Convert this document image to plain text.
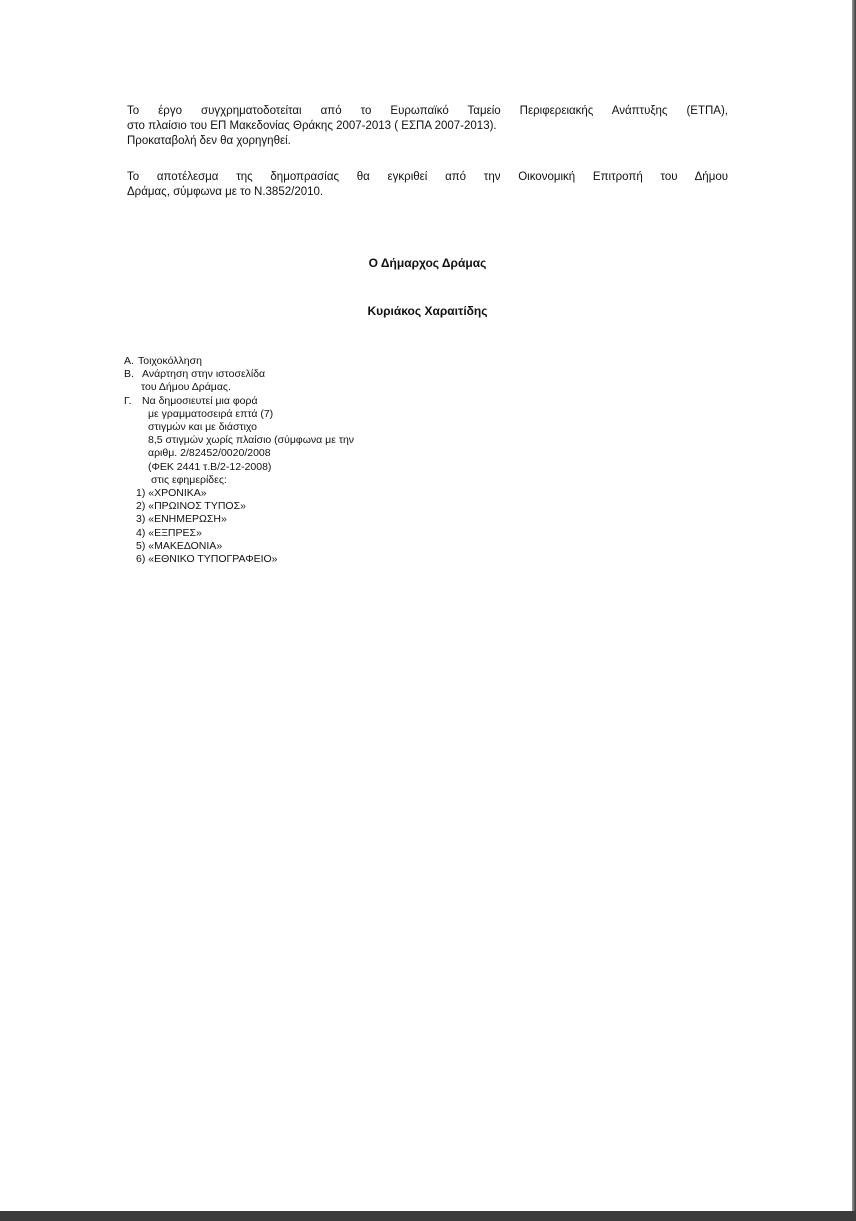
Το έργο συγχρηματοδοτείται από το Ευρωπαϊκό Ταμείο Περιφερειακής Ανάπτυξης (ΕΤΠΑ),
στο πλαίσιο του ΕΠ Μακεδονίας Θράκης 2007-2013 ( ΕΣΠΑ 2007-2013).
Προκαταβολή δεν θα χορηγηθεί.
Το αποτέλεσμα της δημοπρασίας θα εγκριθεί από την Οικονομική Επιτροπή του Δήμου
Δράμας, σύμφωνα με το Ν.3852/2010.
Ο Δήμαρχος Δράμας
Κυριάκος Χαραιτίδης
Α. Τοιχοκόλληση
Β. Ανάρτηση στην ιστοσελίδα
του Δήμου Δράμας.
Γ. Να δημοσιευτεί μια φορά
με γραμματοσειρά επτά (7)
στιγμών και με διάστιχο
8,5 στιγμών χωρίς πλαίσιο (σύμφωνα με την
αριθμ. 2/82452/0020/2008
(ΦΕΚ 2441 τ.Β/2-12-2008)
στις εφημερίδες:
1) «ΧΡΟΝΙΚΑ»
2) «ΠΡΩΙΝΟΣ ΤΥΠΟΣ»
3) «ΕΝΗΜΕΡΩΣΗ»
4) «ΕΞΠΡΕΣ»
5) «ΜΑΚΕΔΟΝΙΑ»
6) «ΕΘΝΙΚΟ ΤΥΠΟΓΡΑΦΕΙΟ»
